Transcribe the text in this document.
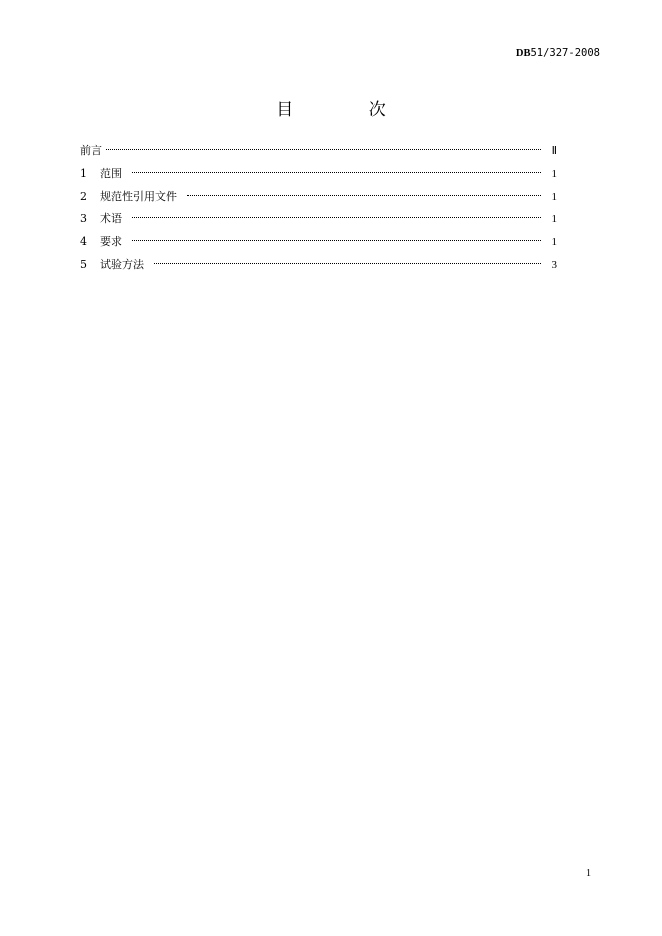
DB51/327-2008
目 次
前言	Ⅱ
1	范围	1
2	规范性引用文件	1
3	术语	1
4	要求	1
5	试验方法	3
1
